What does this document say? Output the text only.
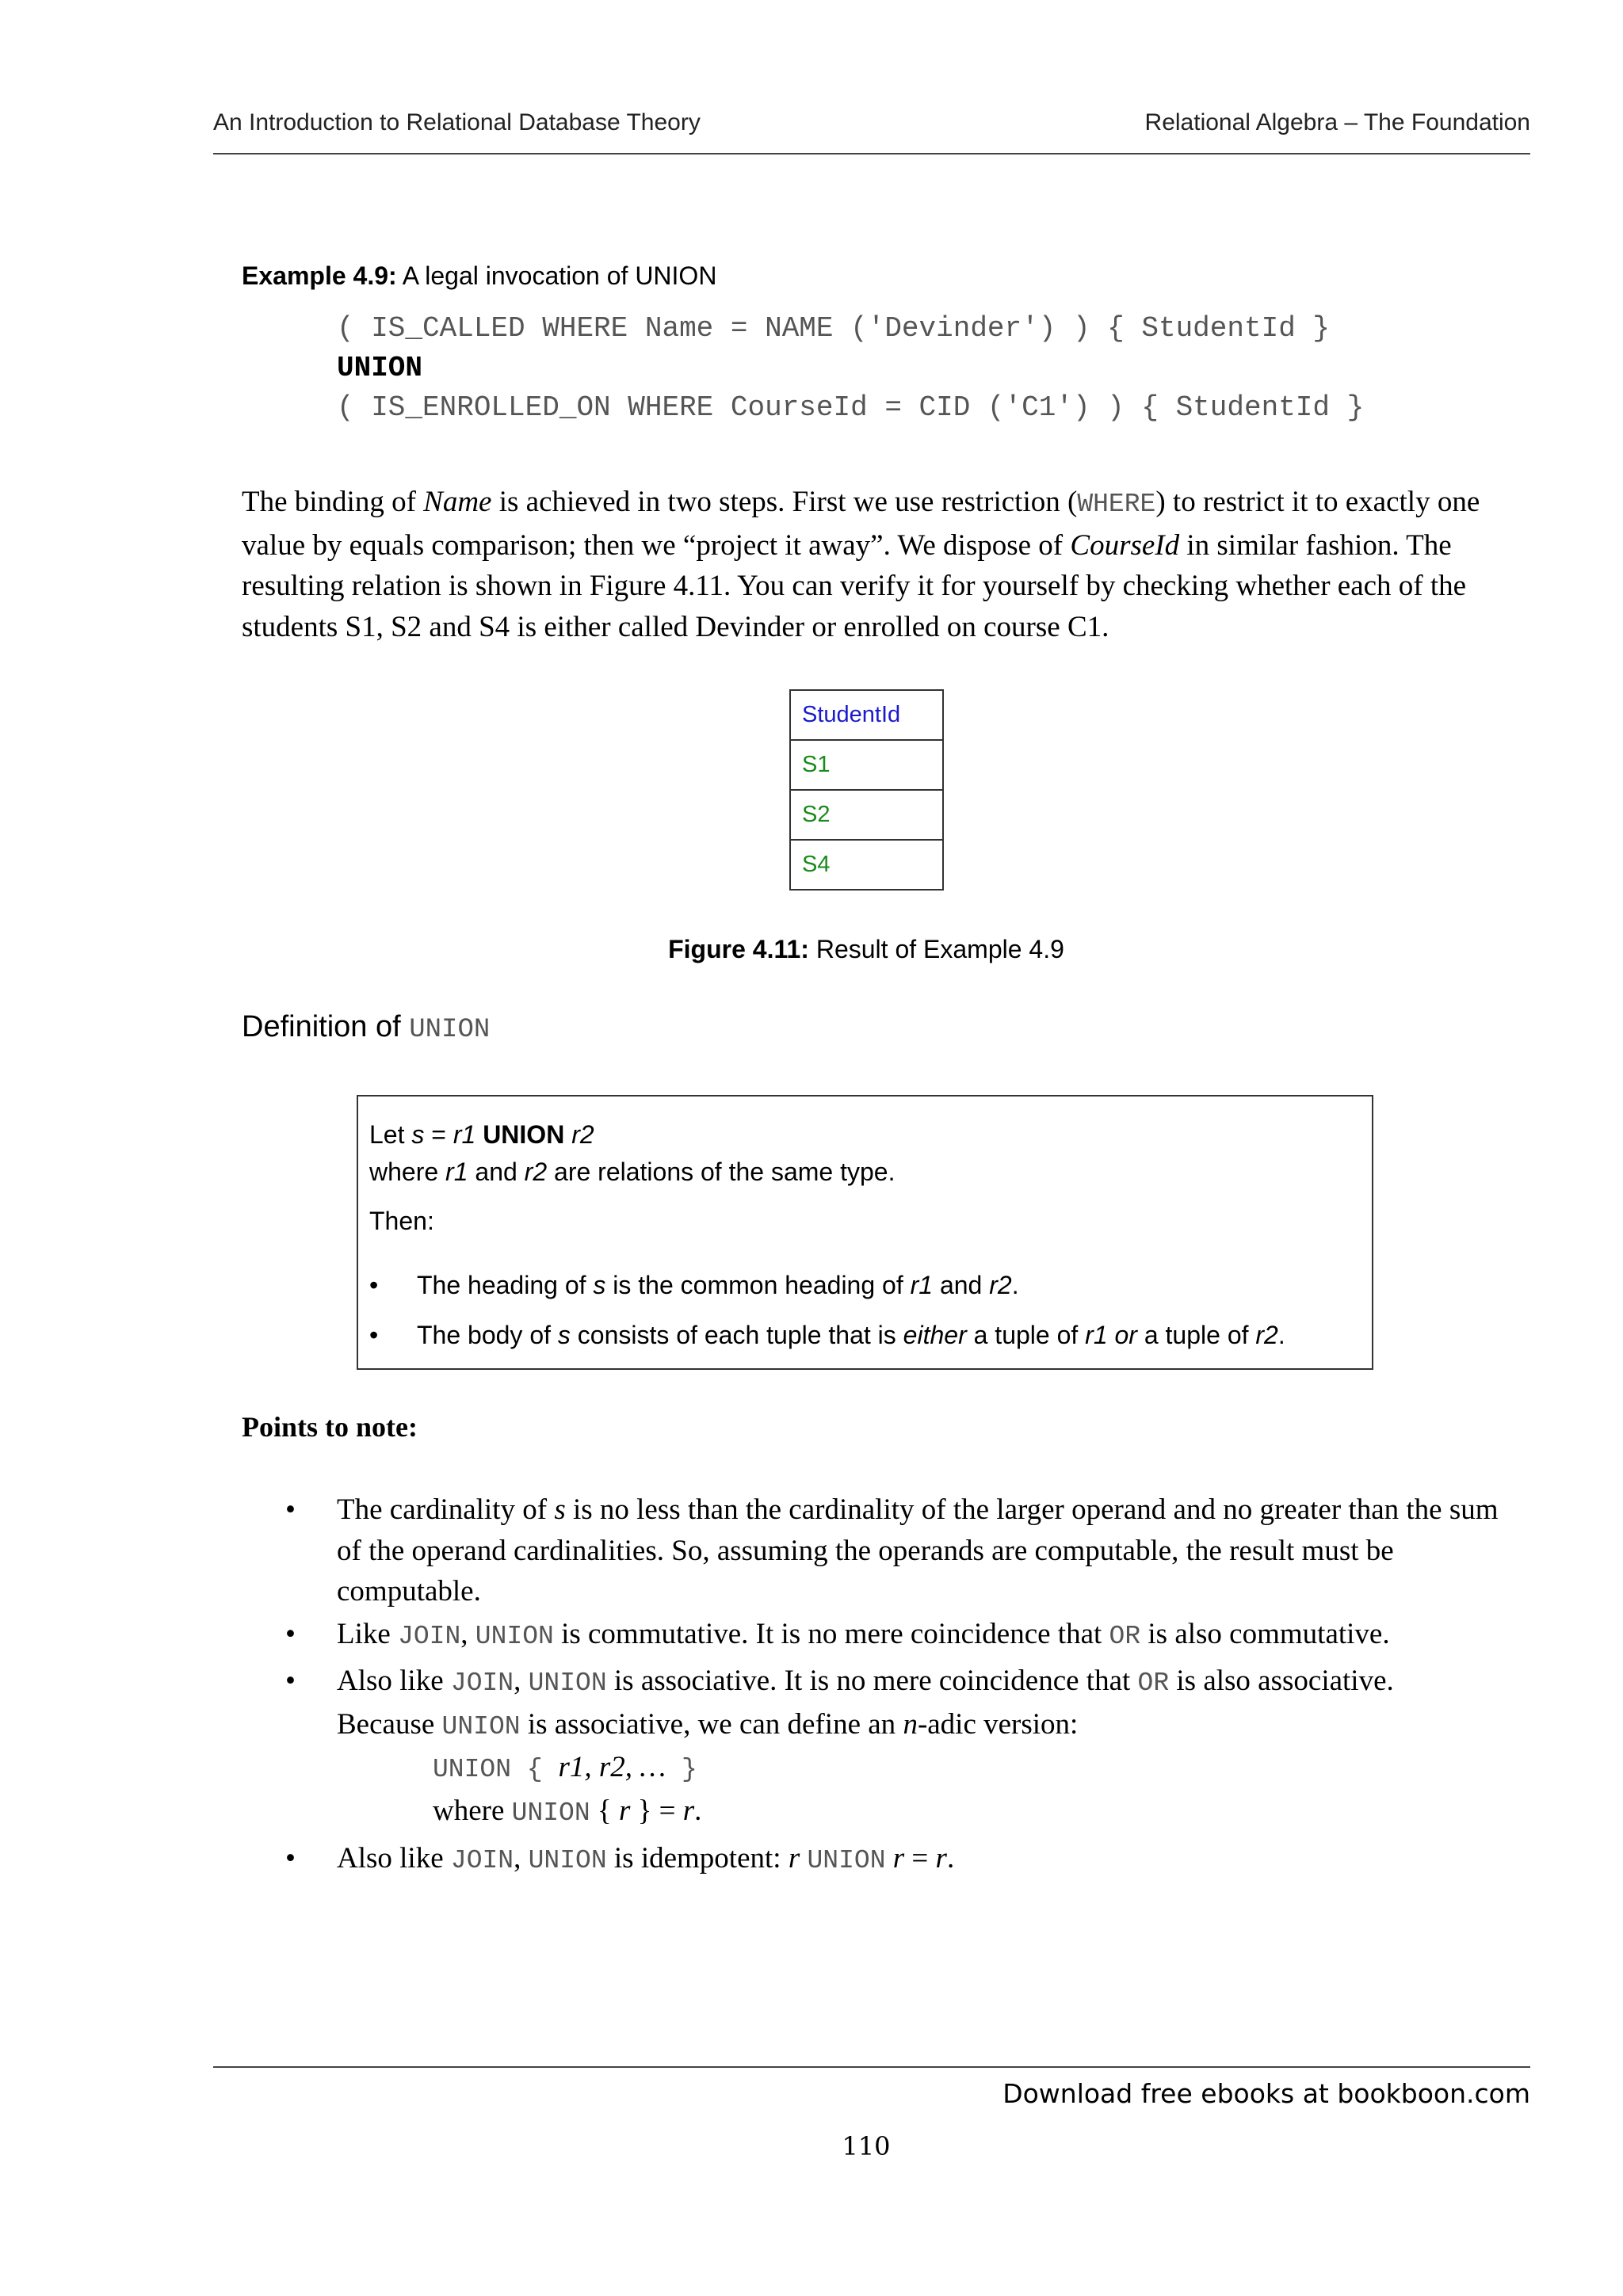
An Introduction to Relational Database Theory	Relational Algebra – The Foundation
Example 4.9: A legal invocation of UNION
( IS_CALLED WHERE Name = NAME ('Devinder') ) { StudentId }
UNION
( IS_ENROLLED_ON WHERE CourseId = CID ('C1') ) { StudentId }

The binding of Name is achieved in two steps. First we use restriction (WHERE) to restrict it to exactly one value by equals comparison; then we “project it away”. We dispose of CourseId in similar fashion. The resulting relation is shown in Figure 4.11. You can verify it for yourself by checking whether each of the students S1, S2 and S4 is either called Devinder or enrolled on course C1.

StudentId
S1
S2
S4
Figure 4.11: Result of Example 4.9
Definition of UNION
Let s = r1 UNION r2
where r1 and r2 are relations of the same type.
Then:
• The heading of s is the common heading of r1 and r2.
• The body of s consists of each tuple that is either a tuple of r1 or a tuple of r2.
Points to note:
• The cardinality of s is no less than the cardinality of the larger operand and no greater than the sum of the operand cardinalities. So, assuming the operands are computable, the result must be computable.
• Like JOIN, UNION is commutative. It is no mere coincidence that OR is also commutative.
• Also like JOIN, UNION is associative. It is no mere coincidence that OR is also associative.
Because UNION is associative, we can define an n-adic version:
UNION { r1, r2, … }
where UNION { r } = r.
• Also like JOIN, UNION is idempotent: r UNION r = r.
Download free ebooks at bookboon.com
110
